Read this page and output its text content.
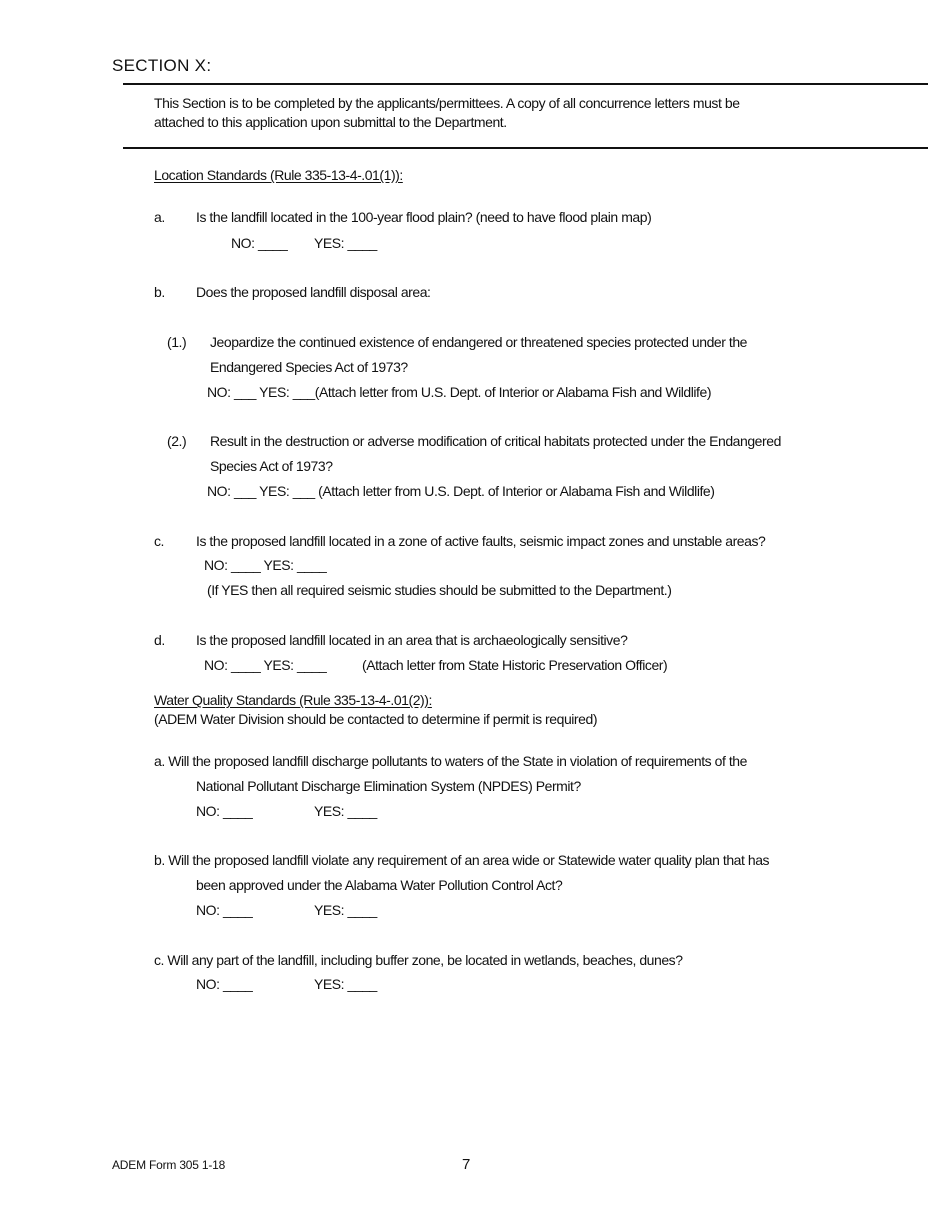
SECTION X:
This Section is to be completed by the applicants/permittees. A copy of all concurrence letters must be
attached to this application upon submittal to the Department.
Location Standards (Rule 335-13-4-.01(1)):
a. Is the landfill located in the 100-year flood plain? (need to have flood plain map)
NO: ____ YES: ____
b. Does the proposed landfill disposal area:
(1.) Jeopardize the continued existence of endangered or threatened species protected under the
Endangered Species Act of 1973?
NO: ___ YES: ___(Attach letter from U.S. Dept. of Interior or Alabama Fish and Wildlife)
(2.) Result in the destruction or adverse modification of critical habitats protected under the Endangered
Species Act of 1973?
NO: ___ YES: ___ (Attach letter from U.S. Dept. of Interior or Alabama Fish and Wildlife)
c. Is the proposed landfill located in a zone of active faults, seismic impact zones and unstable areas?
NO: ____ YES: ____
(If YES then all required seismic studies should be submitted to the Department.)
d. Is the proposed landfill located in an area that is archaeologically sensitive?
NO: ____ YES: ____	(Attach letter from State Historic Preservation Officer)
Water Quality Standards (Rule 335-13-4-.01(2)):
(ADEM Water Division should be contacted to determine if permit is required)
a. Will the proposed landfill discharge pollutants to waters of the State in violation of requirements of the
National Pollutant Discharge Elimination System (NPDES) Permit?
NO: ____	YES: ____
b. Will the proposed landfill violate any requirement of an area wide or Statewide water quality plan that has
been approved under the Alabama Water Pollution Control Act?
NO: ____	YES: ____
c. Will any part of the landfill, including buffer zone, be located in wetlands, beaches, dunes?
NO: ____	YES: ____
ADEM Form 305 1-18	7
